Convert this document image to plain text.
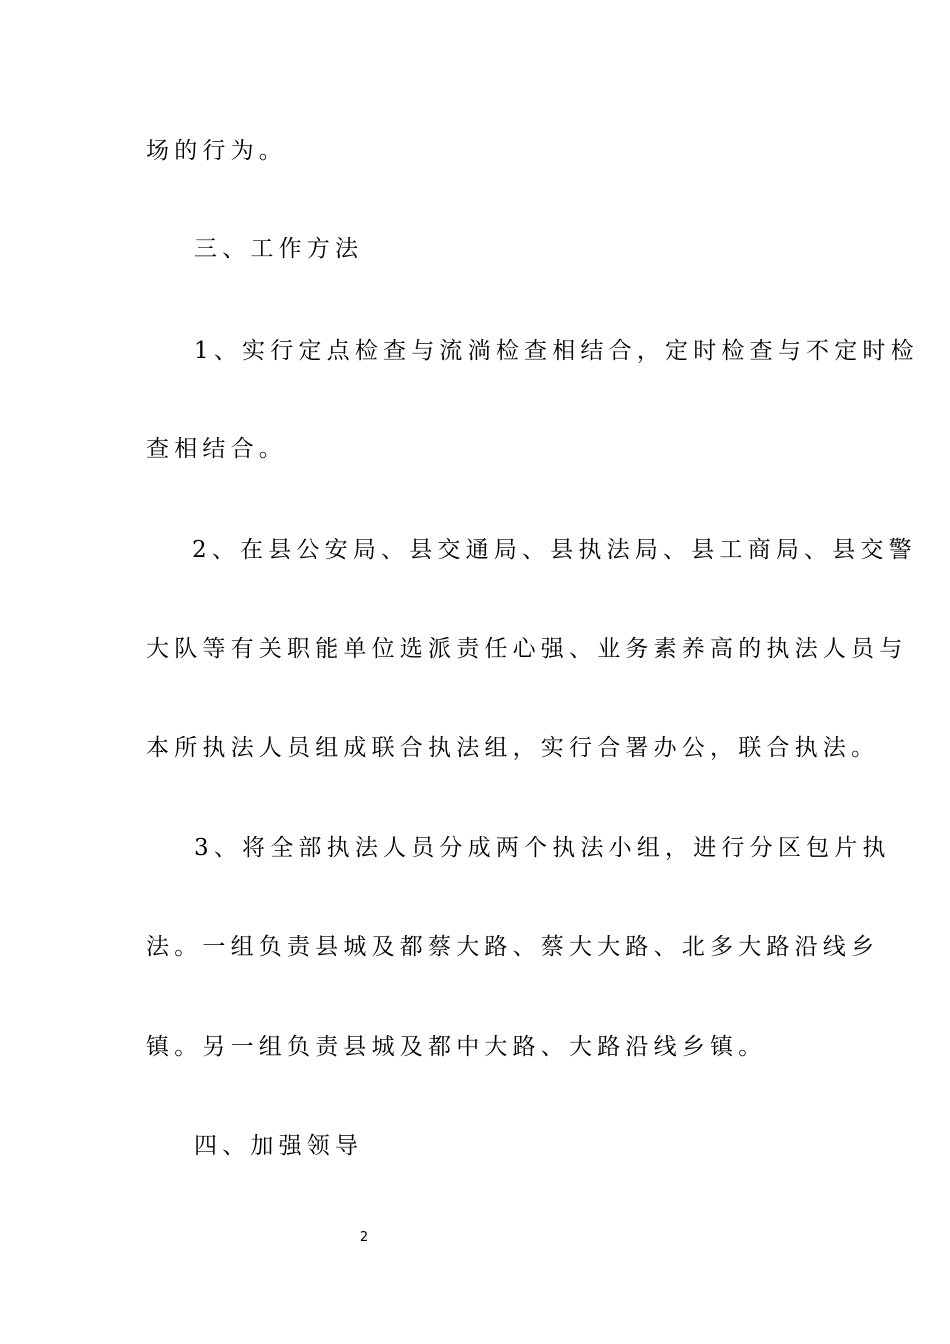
场的行为。
三、工作方法
1、实行定点检查与流淌检查相结合，定时检查与不定时检
查相结合。
2、在县公安局、县交通局、县执法局、县工商局、县交警
大队等有关职能单位选派责任心强、业务素养高的执法人员与
本所执法人员组成联合执法组，实行合署办公，联合执法。
3、将全部执法人员分成两个执法小组，进行分区包片执
法。一组负责县城及都蔡大路、蔡大大路、北多大路沿线乡
镇。另一组负责县城及都中大路、大路沿线乡镇。
四、加强领导
2
